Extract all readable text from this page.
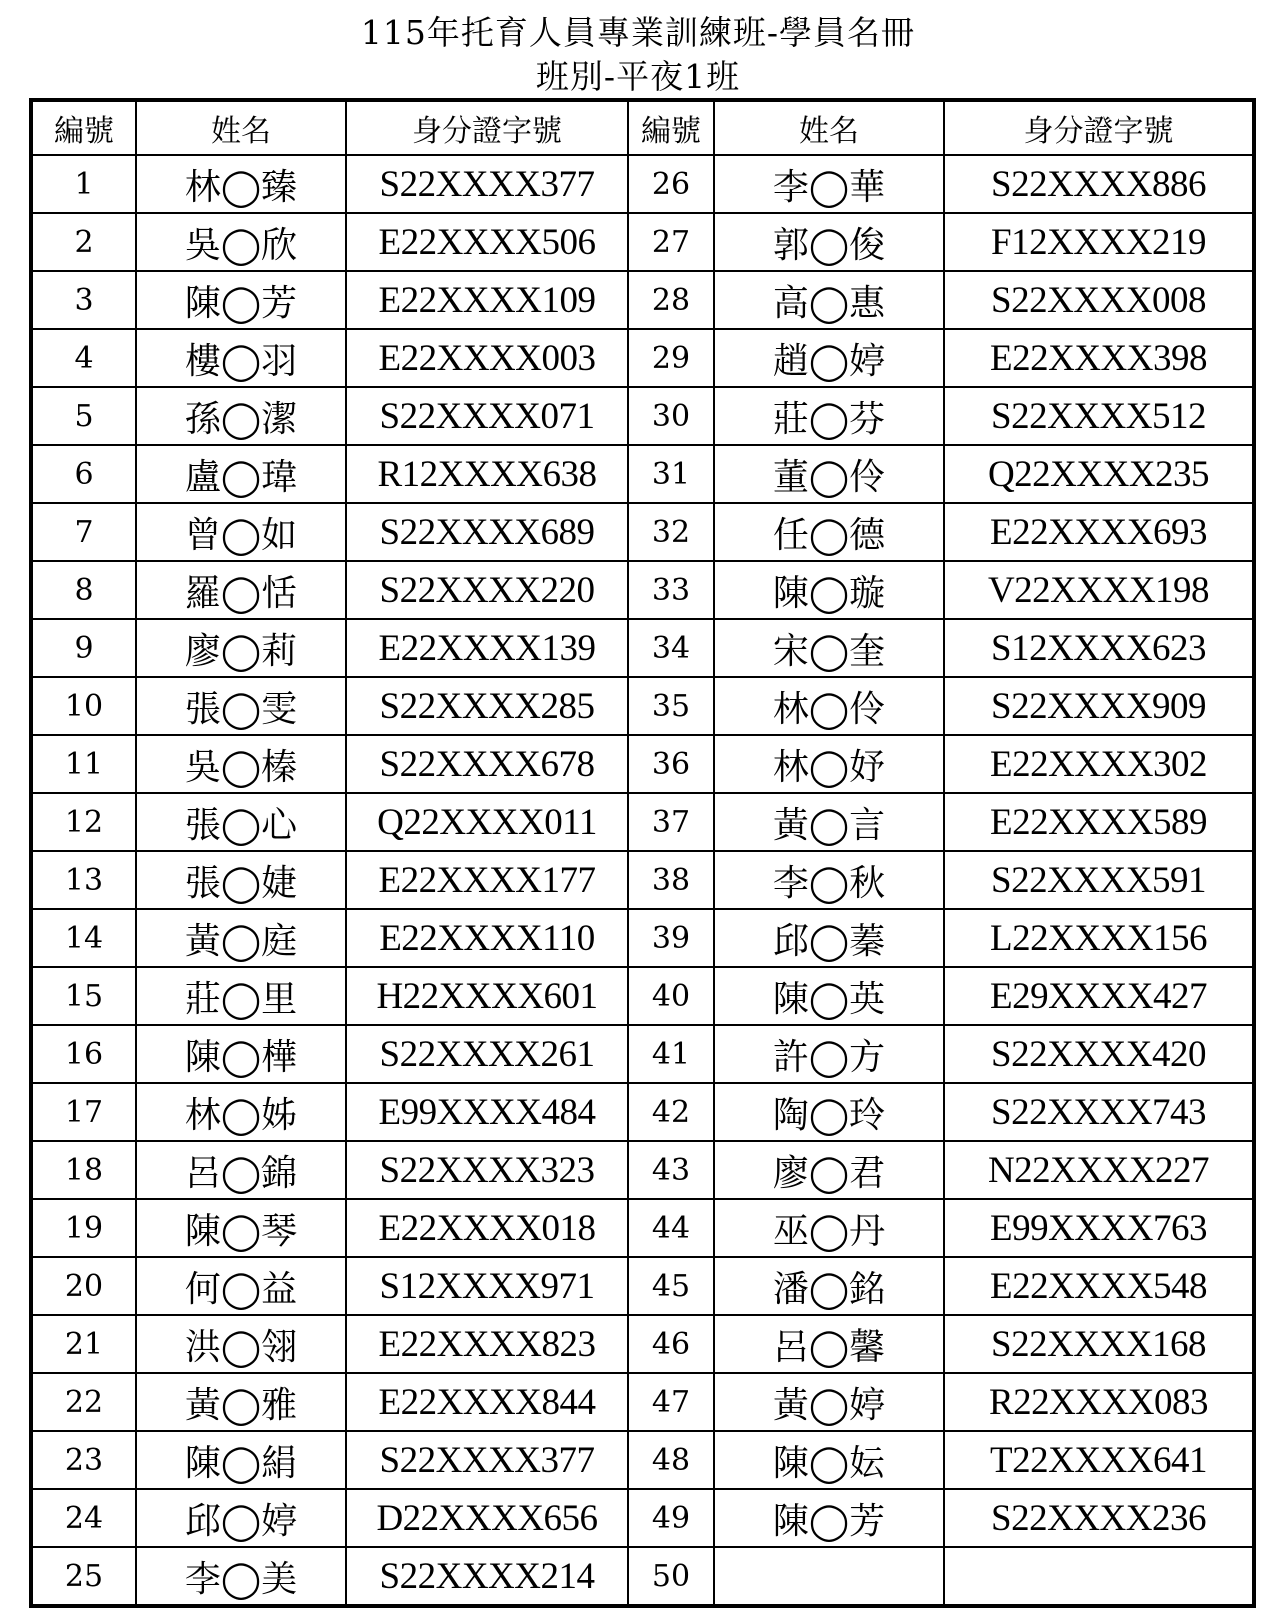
115年托育人員專業訓練班-學員名冊
班別-平夜1班
編號	姓名	身分證字號	編號	姓名	身分證字號
1	林◯臻	S22XXXX377	26	李◯華	S22XXXX886
2	吳◯欣	E22XXXX506	27	郭◯俊	F12XXXX219
3	陳◯芳	E22XXXX109	28	高◯惠	S22XXXX008
4	樓◯羽	E22XXXX003	29	趙◯婷	E22XXXX398
5	孫◯潔	S22XXXX071	30	莊◯芬	S22XXXX512
6	盧◯瑋	R12XXXX638	31	董◯伶	Q22XXXX235
7	曾◯如	S22XXXX689	32	任◯德	E22XXXX693
8	羅◯恬	S22XXXX220	33	陳◯璇	V22XXXX198
9	廖◯莉	E22XXXX139	34	宋◯奎	S12XXXX623
10	張◯雯	S22XXXX285	35	林◯伶	S22XXXX909
11	吳◯榛	S22XXXX678	36	林◯妤	E22XXXX302
12	張◯心	Q22XXXX011	37	黃◯言	E22XXXX589
13	張◯婕	E22XXXX177	38	李◯秋	S22XXXX591
14	黃◯庭	E22XXXX110	39	邱◯蓁	L22XXXX156
15	莊◯里	H22XXXX601	40	陳◯英	E29XXXX427
16	陳◯樺	S22XXXX261	41	許◯方	S22XXXX420
17	林◯姊	E99XXXX484	42	陶◯玲	S22XXXX743
18	呂◯錦	S22XXXX323	43	廖◯君	N22XXXX227
19	陳◯琴	E22XXXX018	44	巫◯丹	E99XXXX763
20	何◯益	S12XXXX971	45	潘◯銘	E22XXXX548
21	洪◯翎	E22XXXX823	46	呂◯馨	S22XXXX168
22	黃◯雅	E22XXXX844	47	黃◯婷	R22XXXX083
23	陳◯絹	S22XXXX377	48	陳◯妘	T22XXXX641
24	邱◯婷	D22XXXX656	49	陳◯芳	S22XXXX236
25	李◯美	S22XXXX214	50		
